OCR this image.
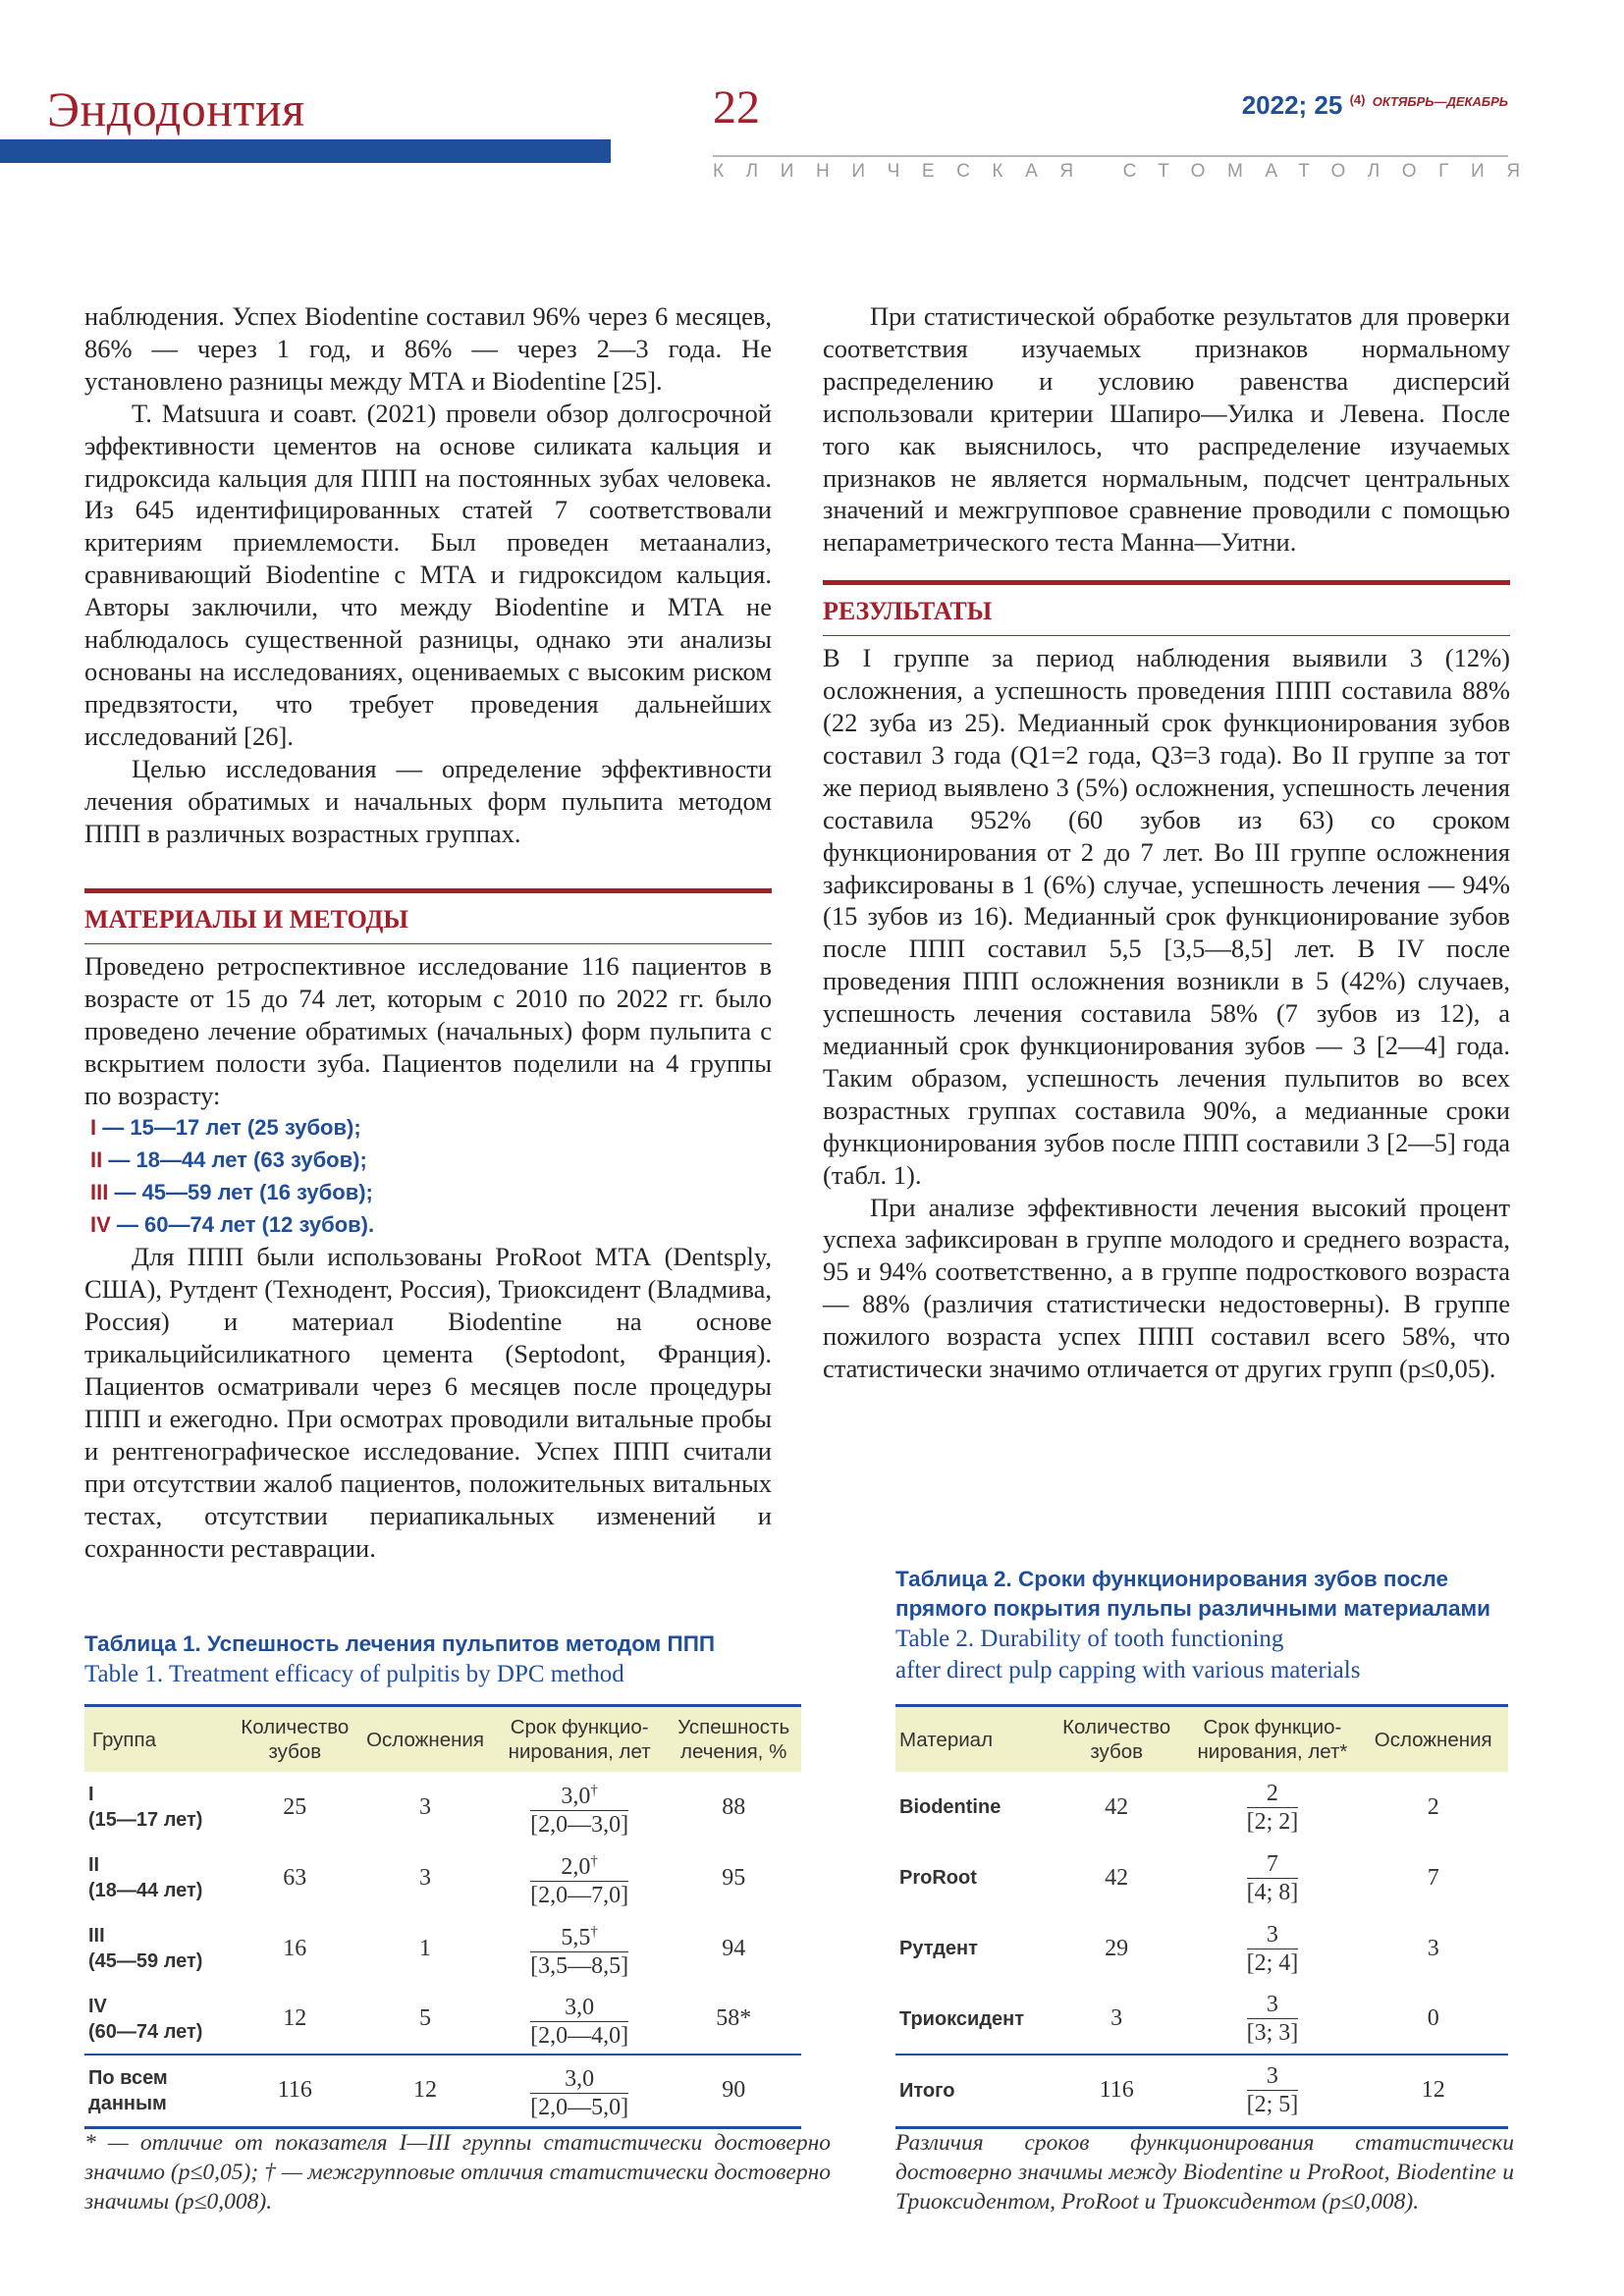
Эндодонтия	22	2022; 25 $^{(4)}$ $^{ОКТЯБРЬ—ДЕКАБРЬ}$
КЛИНИЧЕСКАЯ СТОМАТОЛОГИЯ

наблюдения. Успех Biodentine составил 96% через 6 месяцев, 86% — через 1 год, и 86% — через 2—3 года. Не установлено разницы между МТА и Biodentine [25].

T. Matsuura и соавт. (2021) провели обзор долгосрочной эффективности цементов на основе силиката кальция и гидроксида кальция для ППП на постоянных зубах человека. Из 645 идентифицированных статей 7 соответствовали критериям приемлемости. Был проведен метаанализ, сравнивающий Biodentine с МТА и гидроксидом кальция. Авторы заключили, что между Biodentine и МТА не наблюдалось существенной разницы, однако эти анализы основаны на исследованиях, оцениваемых с высоким риском предвзятости, что требует проведения дальнейших исследований [26].

Целью исследования — определение эффективности лечения обратимых и начальных форм пульпита методом ППП в различных возрастных группах.

МАТЕРИАЛЫ И МЕТОДЫ

Проведено ретроспективное исследование 116 пациентов в возрасте от 15 до 74 лет, которым с 2010 по 2022 гг. было проведено лечение обратимых (начальных) форм пульпита с вскрытием полости зуба. Пациентов поделили на 4 группы по возрасту:

I — 15—17 лет (25 зубов);
II — 18—44 лет (63 зубов);
III — 45—59 лет (16 зубов);
IV — 60—74 лет (12 зубов).

Для ППП были использованы ProRoot МТА (Dentsply, США), Рутдент (Технодент, Россия), Триоксидент (Владмива, Россия) и материал Biodentine на основе трикальцийсиликатного цемента (Septodont, Франция). Пациентов осматривали через 6 месяцев после процедуры ППП и ежегодно. При осмотрах проводили витальные пробы и рентгенографическое исследование. Успех ППП считали при отсутствии жалоб пациентов, положительных витальных тестах, отсутствии периапикальных изменений и сохранности реставрации.

При статистической обработке результатов для проверки соответствия изучаемых признаков нормальному распределению и условию равенства дисперсий использовали критерии Шапиро—Уилка и Левена. После того как выяснилось, что распределение изучаемых признаков не является нормальным, подсчет центральных значений и межгрупповое сравнение проводили с помощью непараметрического теста Манна—Уитни.

РЕЗУЛЬТАТЫ

В I группе за период наблюдения выявили 3 (12%) осложнения, а успешность проведения ППП составила 88% (22 зуба из 25). Медианный срок функционирования зубов составил 3 года (Q1=2 года, Q3=3 года). Во II группе за тот же период выявлено 3 (5%) осложнения, успешность лечения составила 952% (60 зубов из 63) со сроком функционирования от 2 до 7 лет. Во III группе осложнения зафиксированы в 1 (6%) случае, успешность лечения — 94% (15 зубов из 16). Медианный срок функционирование зубов после ППП составил 5,5 [3,5—8,5] лет. В IV после проведения ППП осложнения возникли в 5 (42%) случаев, успешность лечения составила 58% (7 зубов из 12), а медианный срок функционирования зубов — 3 [2—4] года. Таким образом, успешность лечения пульпитов во всех возрастных группах составила 90%, а медианные сроки функционирования зубов после ППП составили 3 [2—5] года (табл. 1).

При анализе эффективности лечения высокий процент успеха зафиксирован в группе молодого и среднего возраста, 95 и 94% соответственно, а в группе подросткового возраста — 88% (различия статистически недостоверны). В группе пожилого возраста успех ППП составил всего 58%, что статистически значимо отличается от других групп (p≤0,05).

Таблица 1. Успешность лечения пульпитов методом ППП
Table 1. Treatment efficacy of pulpitis by DPC method
Группа	Количество зубов	Осложнения	Срок функцио-нирования, лет	Успешность лечения, %
I
(15—17 лет)	25	3	$\frac{3,0^\dagger}{[2,0—3,0]}$	88
II
(18—44 лет)	63	3	$\frac{2,0^\dagger}{[2,0—7,0]}$	95
III
(45—59 лет)	16	1	$\frac{5,5^\dagger}{[3,5—8,5]}$	94
IV
(60—74 лет)	12	5	$\frac{3,0}{[2,0—4,0]}$	58*
По всем
данным	116	12	$\frac{3,0}{[2,0—5,0]}$	90
* — отличие от показателя I—III группы статистически достоверно значимо (p≤0,05); † — межгрупповые отличия статистически достоверно значимы (p≤0,008).
Таблица 2. Сроки функционирования зубов после прямого покрытия пульпы различными материалами
Table 2. Durability of tooth functioning
after direct pulp capping with various materials
Материал	Количество зубов	Срок функцио-нирования, лет*	Осложнения
Biodentine	42	$\frac{2}{[2; 2]}$	2
ProRoot	42	$\frac{7}{[4; 8]}$	7
Рутдент	29	$\frac{3}{[2; 4]}$	3
Триоксидент	3	$\frac{3}{[3; 3]}$	0
Итого	116	$\frac{3}{[2; 5]}$	12
Различия сроков функционирования статистически достоверно значимы между Biodentine и ProRoot, Biodentine и Триоксидентом, ProRoot и Триоксидентом (p≤0,008).
